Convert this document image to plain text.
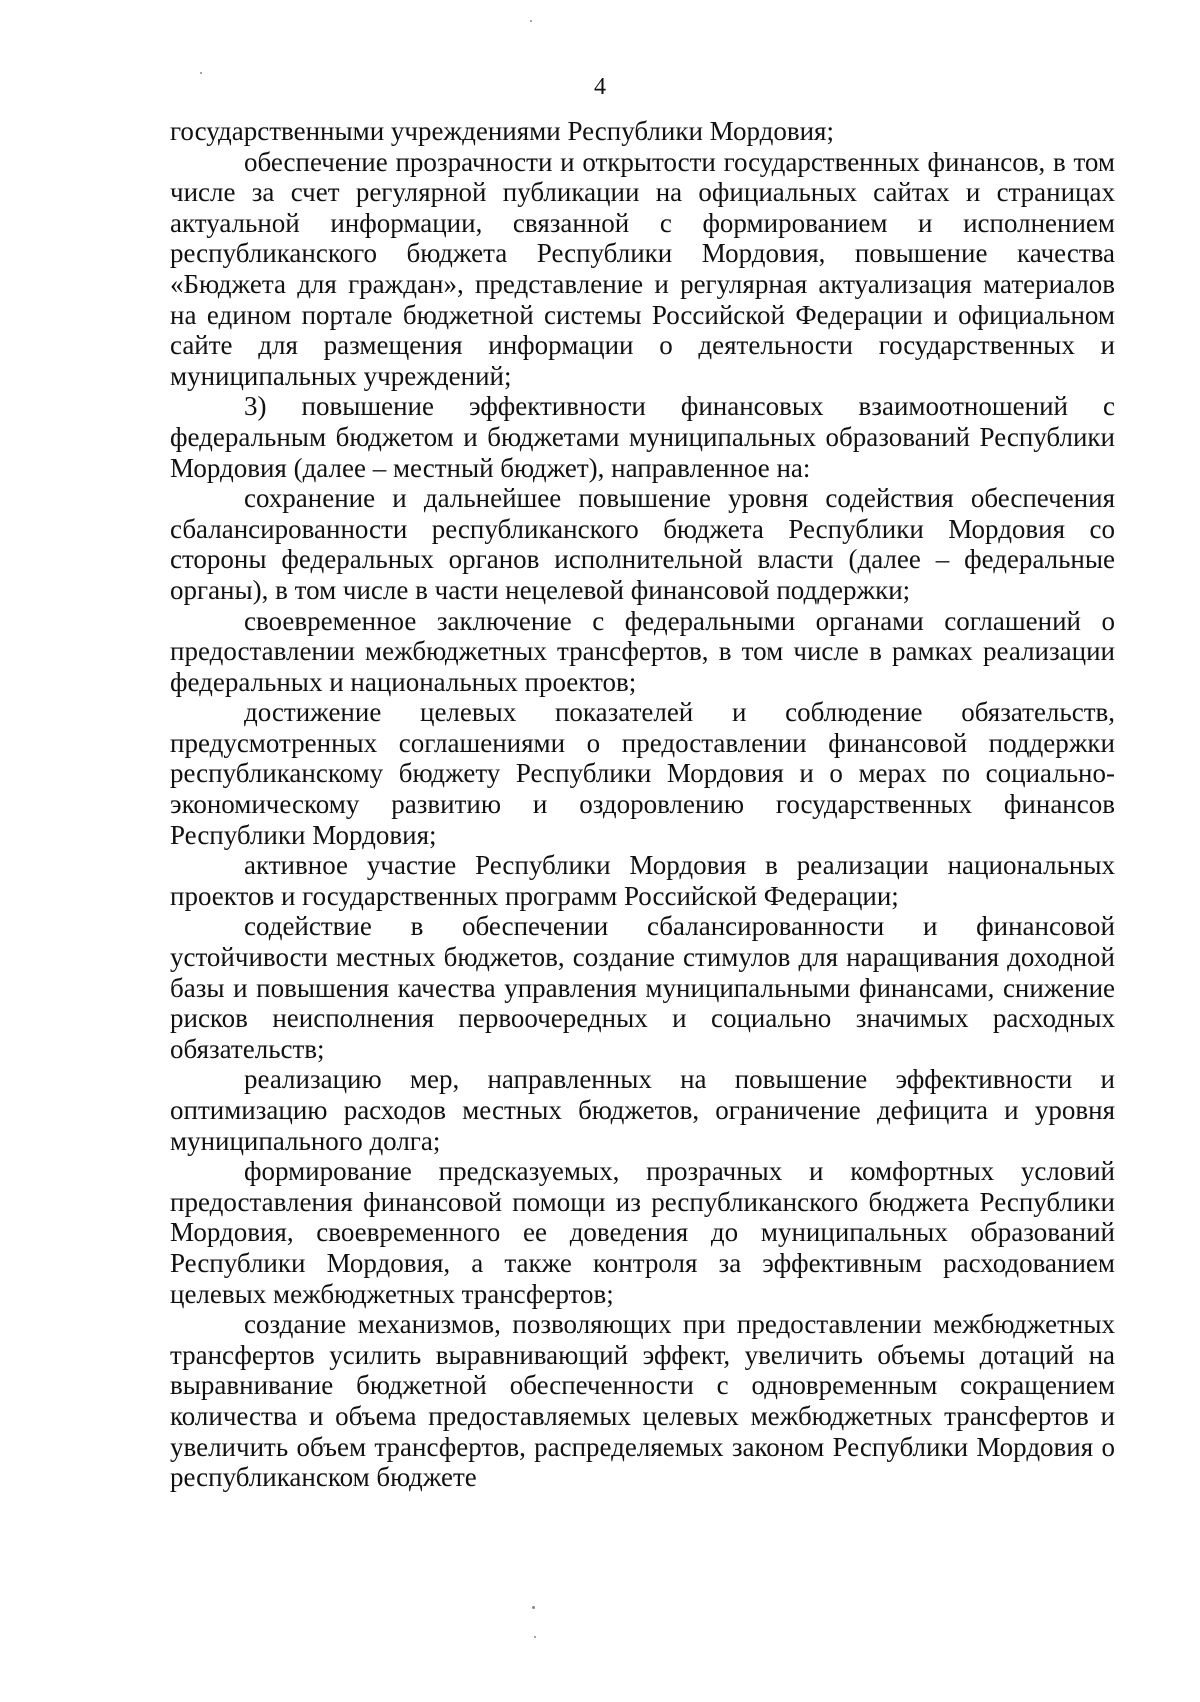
4

государственными учреждениями Республики Мордовия;

обеспечение прозрачности и открытости государственных финансов, в том числе за счет регулярной публикации на официальных сайтах и страницах актуальной информации, связанной с формированием и исполнением республиканского бюджета Республики Мордовия, повышение качества «Бюджета для граждан», представление и регулярная актуализация материалов на едином портале бюджетной системы Российской Федерации и официальном сайте для размещения информации о деятельности государственных и муниципальных учреждений;

3) повышение эффективности финансовых взаимоотношений с федеральным бюджетом и бюджетами муниципальных образований Республики Мордовия (далее – местный бюджет), направленное на:

сохранение и дальнейшее повышение уровня содействия обеспечения сбалансированности республиканского бюджета Республики Мордовия со стороны федеральных органов исполнительной власти (далее – федеральные органы), в том числе в части нецелевой финансовой поддержки;

своевременное заключение с федеральными органами соглашений о предоставлении межбюджетных трансфертов, в том числе в рамках реализации федеральных и национальных проектов;

достижение целевых показателей и соблюдение обязательств, предусмотренных соглашениями о предоставлении финансовой поддержки республиканскому бюджету Республики Мордовия и о мерах по социально-экономическому развитию и оздоровлению государственных финансов Республики Мордовия;

активное участие Республики Мордовия в реализации национальных проектов и государственных программ Российской Федерации;

содействие в обеспечении сбалансированности и финансовой устойчивости местных бюджетов, создание стимулов для наращивания доходной базы и повышения качества управления муниципальными финансами, снижение рисков неисполнения первоочередных и социально значимых расходных обязательств;

реализацию мер, направленных на повышение эффективности и оптимизацию расходов местных бюджетов, ограничение дефицита и уровня муниципального долга;

формирование предсказуемых, прозрачных и комфортных условий предоставления финансовой помощи из республиканского бюджета Республики Мордовия, своевременного ее доведения до муниципальных образований Республики Мордовия, а также контроля за эффективным расходованием целевых межбюджетных трансфертов;

создание механизмов, позволяющих при предоставлении межбюджетных трансфертов усилить выравнивающий эффект, увеличить объемы дотаций на выравнивание бюджетной обеспеченности с одновременным сокращением количества и объема предоставляемых целевых межбюджетных трансфертов и увеличить объем трансфертов, распределяемых законом Республики Мордовия о республиканском бюджете
